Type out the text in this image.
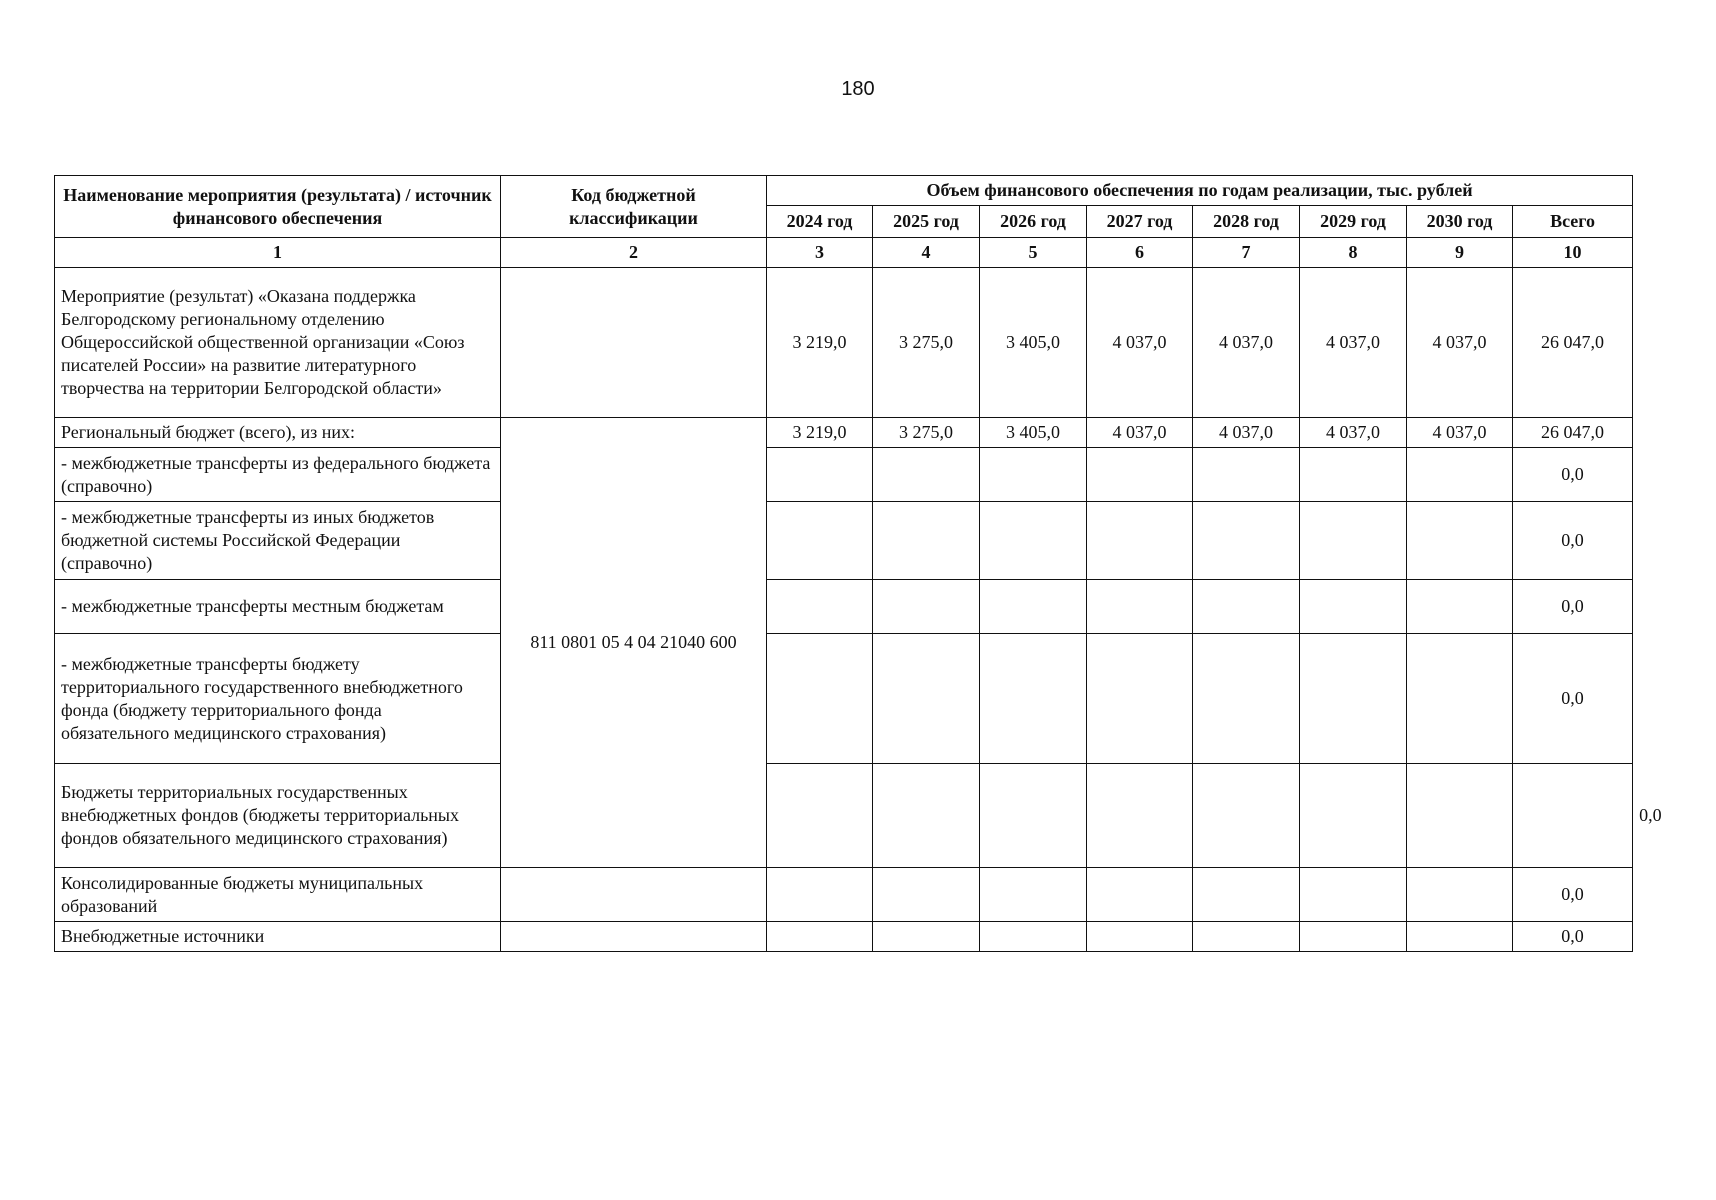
180
Наименование мероприятия (результата) / источник финансового обеспечения	Код бюджетной классификации	Объем финансового обеспечения по годам реализации, тыс. рублей								
		2024 год	2025 год	2026 год	2027 год	2028 год	2029 год	2030 год	Всего	
1	2	3	4	5	6	7	8	9	10	
Мероприятие (результат) «Оказана поддержка Белгородскому региональному отделению Общероссийской общественной организации «Союз писателей России» на развитие литературного творчества на территории Белгородской области»		3 219,0	3 275,0	3 405,0	4 037,0	4 037,0	4 037,0	4 037,0	26 047,0	
Региональный бюджет (всего), из них:	811 0801 05 4 04 21040 600	3 219,0	3 275,0	3 405,0	4 037,0	4 037,0	4 037,0	4 037,0	26 047,0	
- межбюджетные трансферты из федерального бюджета (справочно)									0,0	
- межбюджетные трансферты из иных бюджетов бюджетной системы Российской Федерации (справочно)									0,0	
- межбюджетные трансферты местным бюджетам									0,0	
- межбюджетные трансферты бюджету территориального государственного внебюджетного фонда (бюджету территориального фонда обязательного медицинского страхования)									0,0	
Бюджеты территориальных государственных внебюджетных фондов (бюджеты территориальных фондов обязательного медицинского страхования)										0,0
Консолидированные бюджеты муниципальных образований									0,0	
Внебюджетные источники									0,0	
